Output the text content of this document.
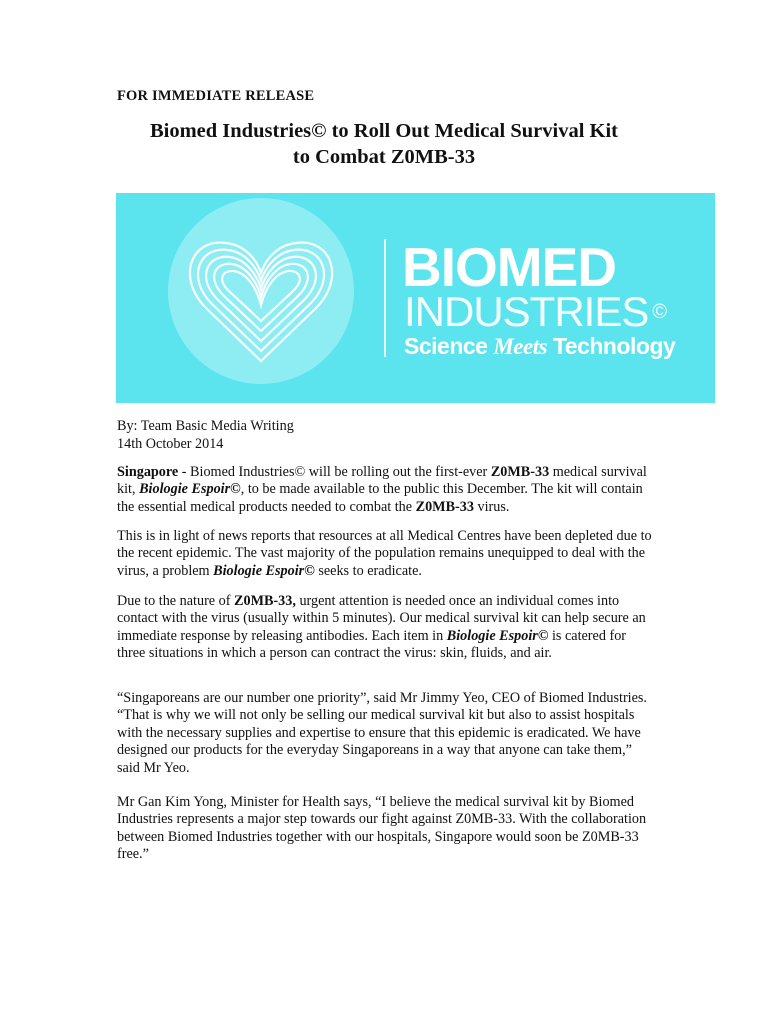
FOR IMMEDIATE RELEASE
Biomed Industries© to Roll Out Medical Survival Kit
to Combat Z0MB-33
BIOMED
INDUSTRIES ©
Science Meets Technology
By: Team Basic Media Writing
14th October 2014
Singapore - Biomed Industries© will be rolling out the first-ever Z0MB-33 medical survival kit, Biologie Espoir©, to be made available to the public this December. The kit will contain the essential medical products needed to combat the Z0MB-33 virus.
This is in light of news reports that resources at all Medical Centres have been depleted due to the recent epidemic. The vast majority of the population remains unequipped to deal with the virus, a problem Biologie Espoir© seeks to eradicate.
Due to the nature of Z0MB-33, urgent attention is needed once an individual comes into contact with the virus (usually within 5 minutes). Our medical survival kit can help secure an immediate response by releasing antibodies. Each item in Biologie Espoir© is catered for three situations in which a person can contract the virus: skin, fluids, and air.
“Singaporeans are our number one priority”, said Mr Jimmy Yeo, CEO of Biomed Industries. “That is why we will not only be selling our medical survival kit but also to assist hospitals with the necessary supplies and expertise to ensure that this epidemic is eradicated. We have designed our products for the everyday Singaporeans in a way that anyone can take them,” said Mr Yeo.
Mr Gan Kim Yong, Minister for Health says, “I believe the medical survival kit by Biomed Industries represents a major step towards our fight against Z0MB-33. With the collaboration between Biomed Industries together with our hospitals, Singapore would soon be Z0MB-33 free.”
